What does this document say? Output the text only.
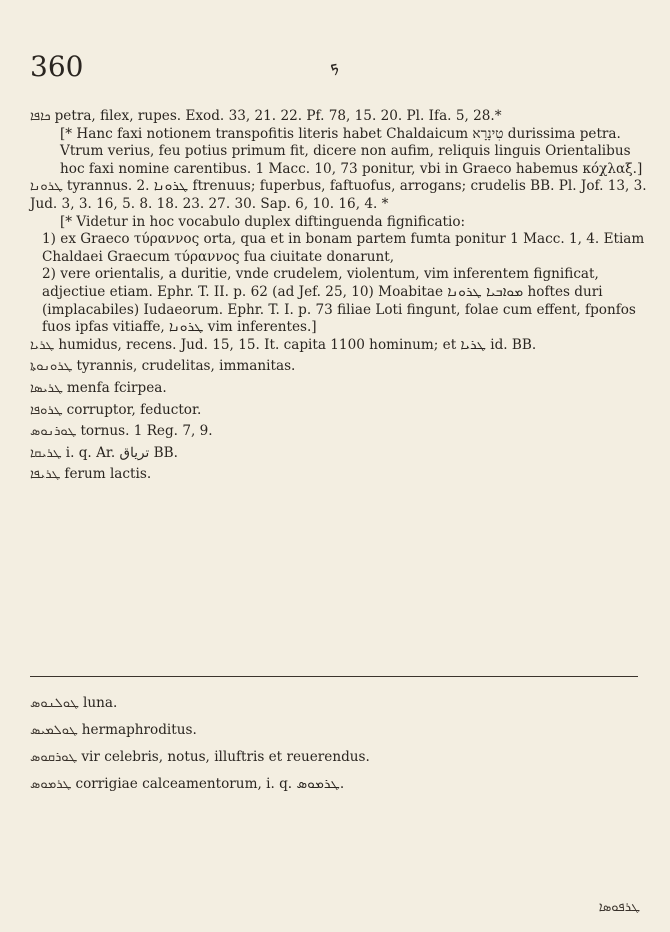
360	ܟ

ܟܐܦܐ petra, filex, rupes. Exod. 33, 21. 22. Pf. 78, 15. 20. Pl. Ifa. 5, 28.*

[* Hanc faxi notionem transpofitis literis habet Chaldaicum טִינָרָא durissima petra. Vtrum verius, feu potius primum fit, dicere non aufim, reliquis linguis Orientalibus hoc faxi nomine carentibus. 1 Macc. 10, 73 ponitur, vbi in Graeco habemus κόχλαξ.]

ܛܪܘܢܐ tyrannus. 2. ܛܪܘܢܐ ftrenuus; fuperbus, faftuofus, arrogans; crudelis BB. Pl. Jof. 13, 3. Jud. 3, 3. 16, 5. 8. 18. 23. 27. 30. Sap. 6, 10. 16, 4. *

[* Videtur in hoc vocabulo duplex diftinguenda fignificatio:

1) ex Graeco τύραννος orta, qua et in bonam partem fumta ponitur 1 Macc. 1, 4. Etiam Chaldaei Graecum τύραννος fua ciuitate donarunt,

2) vere orientalis, a duritie, vnde crudelem, violentum, vim inferentem fignificat, adjectiue etiam. Ephr. T. II. p. 62 (ad Jef. 25, 10) Moabitae ܡܘܐܒܝܐ ܛܪܘܢܐ hoftes duri (implacabiles) Iudaeorum. Ephr. T. I. p. 73 filiae Loti fingunt, folae cum effent, fponfos fuos ipfas vitiaffe, ܛܪܘܢܐ vim inferentes.]

ܛܪܝܐ humidus, recens. Jud. 15, 15. It. capita 1100 hominum; et ܛܪܝܐ id. BB.

ܛܪܘܢܘܬܐ tyrannis, crudelitas, immanitas.

ܛܪܝܣܐ menfa fcirpea.

ܛܪܘܦܐ corruptor, feductor.

ܛܘܪܢܘܣ tornus. 1 Reg. 7, 9.

ܛܪܝܩܐ i. q. Ar. ترياق BB.

ܛܪܝܦܐ ferum lactis.

ܛܘܠܢܘܣ luna.

ܛܘܠܡܝܣ hermaphroditus.

ܛܘܪܩܘܣ vir celebris, notus, illuftris et reuerendus.

ܛܪܡܘܣ corrigiae calceamentorum, i. q. ܛܪܡܘܣ.

ܛܪܦܘܣܐ
